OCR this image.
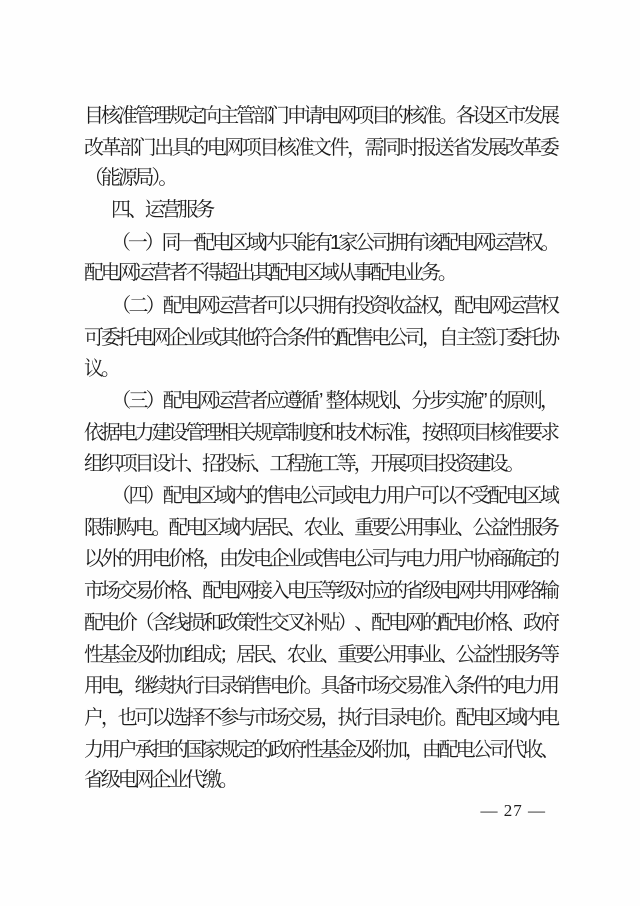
目
核
准
管
理
规
定
向
主
管
部
门
申
请
电
网
项
目
的
核
准
。
各
设
区
市
发
展
改
革
部
门
出
具
的
电
网
项
目
核
准
文
件
，
需
同
时
报
送
省
发
展
改
革
委
（能源局）。
四、运营服务
（
一
）
同
一
配
电
区
域
内
只
能
有
1
家
公
司
拥
有
该
配
电
网
运
营
权
。
配电网运营者不得超出其配电区域从事配电业务。
（
二
）
配
电
网
运
营
者
可
以
只
拥
有
投
资
收
益
权
，
配
电
网
运
营
权
可
委
托
电
网
企
业
或
其
他
符
合
条
件
的
配
售
电
公
司
，
自
主
签
订
委
托
协
议。
（
三
）
配
电
网
运
营
者
应
遵
循 ’ 整
体
规
划
、
分
步
实
施
” 的
原
则
，
依
据
电
力
建
设
管
理
相
关
规
章
制
度
和
技
术
标
准
，
按
照
项
目
核
准
要
求
组织项目设计、招投标、工程施工等，开展项目投资建设。
（
四
）
配
电
区
域
内
的
售
电
公
司
或
电
力
用
户
可
以
不
受
配
电
区
域
限
制
购
电
。
配
电
区
域
内
居
民
、
农
业
、
重
要
公
用
事
业
、
公
益
性
服
务
以
外
的
用
电
价
格
，
由
发
电
企
业
或
售
电
公
司
与
电
力
用
户
协
商
确
定
的
市
场
交
易
价
格
、
配
电
网
接
入
电
压
等
级
对
应
的
省
级
电
网
共
用
网
络
输
配
电
价
（
含
线
损
和
政
策
性
交
叉
补
贴
）
、
配
电
网
的
配
电
价
格
、
政
府
性
基
金
及
附
加
组
成
；
居
民
、
农
业
、
重
要
公
用
事
业
、
公
益
性
服
务
等
用
电
，
继
续
执
行
目
录
销
售
电
价
。
具
备
市
场
交
易
准
入
条
件
的
电
力
用
户
，
也
可
以
选
择
不
参
与
市
场
交
易
，
执
行
目
录
电
价
。
配
电
区
域
内
电
力
用
户
承
担
的
国
家
规
定
的
政
府
性
基
金
及
附
加
，
由
配
电
公
司
代
收
、
省级电网企业代缴。
— 27 —
